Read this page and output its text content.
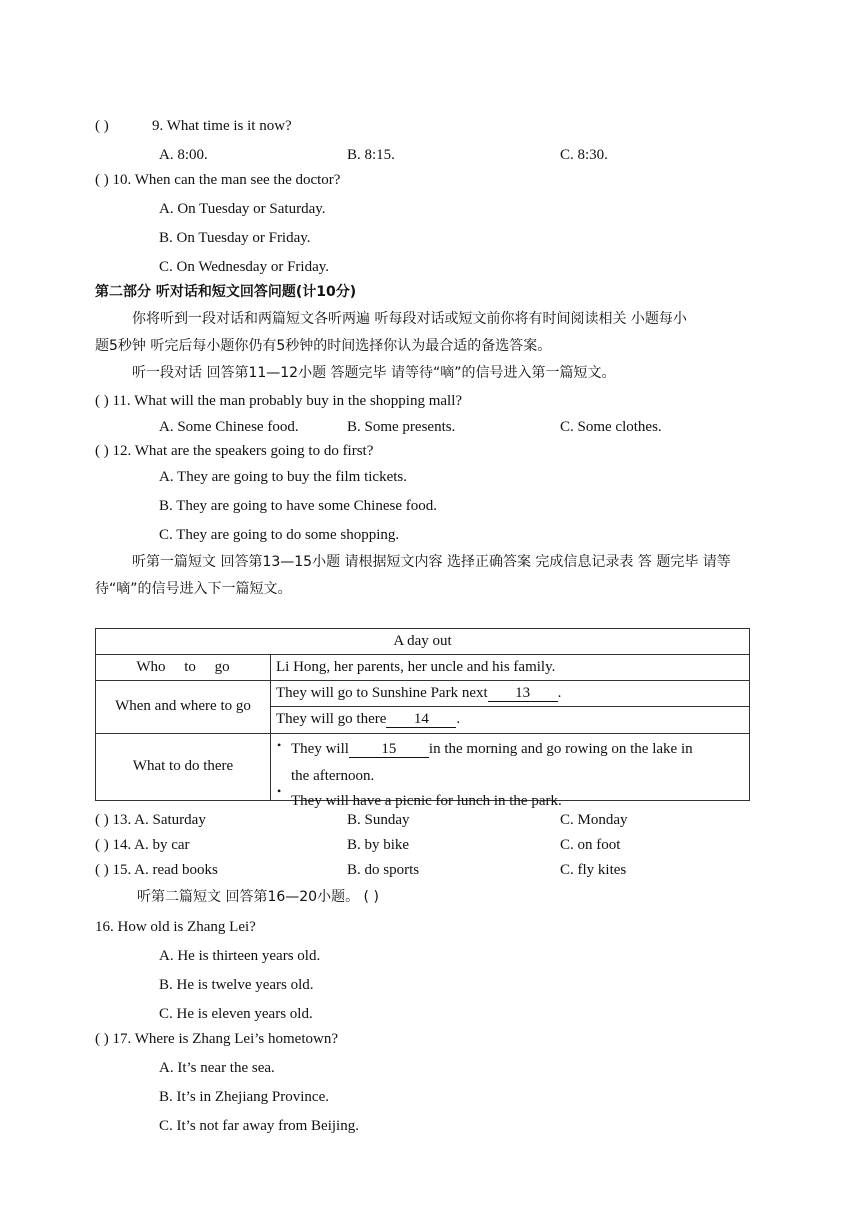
( )	9. What time is it now?
A. 8:00.	B. 8:15.	C. 8:30.
( ) 10. When can the man see the doctor?
A. On Tuesday or Saturday.
B. On Tuesday or Friday.
C. On Wednesday or Friday.
第二部分 听对话和短文回答问题(计10分)
你将听到一段对话和两篇短文各听两遍 听每段对话或短文前你将有时间阅读相关 小题每小
题5秒钟 听完后每小题你仍有5秒钟的时间选择你认为最合适的备选答案。
听一段对话 回答第11—12小题 答题完毕 请等待“嘀”的信号进入第一篇短文。
( ) 11. What will the man probably buy in the shopping mall?
A. Some Chinese food.	B. Some presents.	C. Some clothes.
( ) 12. What are the speakers going to do first?
A. They are going to buy the film tickets.
B. They are going to have some Chinese food.
C. They are going to do some shopping.
听第一篇短文 回答第13—15小题 请根据短文内容 选择正确答案 完成信息记录表 答 题完毕 请等
待“嘀”的信号进入下一篇短文。
A day out	
Who     to     go	Li Hong, her parents, her uncle and his family.
When and where to go	They will go to Sunshine Park next 13 .
	They will go there 14 .
What to do there	• They will 15 in the morning and go rowing on the lake in
the afternoon.
•
They will have a picnic for lunch in the park.
( ) 13. A. Saturday	B. Sunday	C. Monday
( ) 14. A. by car	B. by bike	C. on foot
( ) 15. A. read books	B. do sports	C. fly kites
听第二篇短文 回答第16—20小题。 ( )
16. How old is Zhang Lei?
A. He is thirteen years old.
B. He is twelve years old.
C. He is eleven years old.
( ) 17. Where is Zhang Lei’s hometown?
A. It’s near the sea.
B. It’s in Zhejiang Province.
C. It’s not far away from Beijing.
